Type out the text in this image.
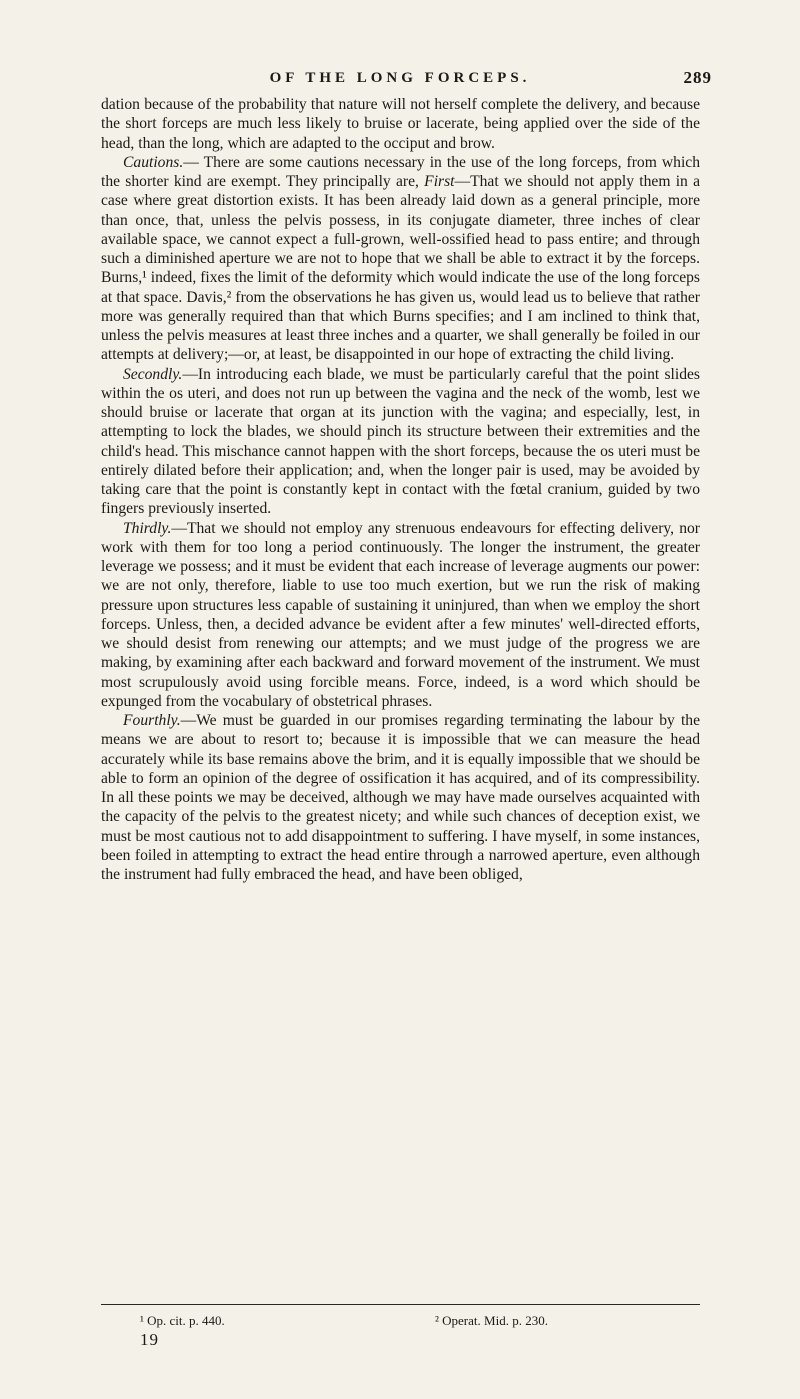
OF THE LONG FORCEPS.	289

dation because of the probability that nature will not herself complete the delivery, and because the short forceps are much less likely to bruise or lacerate, being applied over the side of the head, than the long, which are adapted to the occiput and brow.

Cautions.— There are some cautions necessary in the use of the long forceps, from which the shorter kind are exempt. They principally are, First—That we should not apply them in a case where great distortion exists. It has been already laid down as a general principle, more than once, that, unless the pelvis possess, in its conjugate diameter, three inches of clear available space, we cannot expect a full-grown, well-ossified head to pass entire; and through such a diminished aperture we are not to hope that we shall be able to extract it by the forceps. Burns,¹ indeed, fixes the limit of the deformity which would indicate the use of the long forceps at that space. Davis,² from the observations he has given us, would lead us to believe that rather more was generally required than that which Burns specifies; and I am inclined to think that, unless the pelvis measures at least three inches and a quarter, we shall generally be foiled in our attempts at delivery;—or, at least, be disappointed in our hope of extracting the child living.

Secondly.—In introducing each blade, we must be particularly careful that the point slides within the os uteri, and does not run up between the vagina and the neck of the womb, lest we should bruise or lacerate that organ at its junction with the vagina; and especially, lest, in attempting to lock the blades, we should pinch its structure between their extremities and the child's head. This mischance cannot happen with the short forceps, because the os uteri must be entirely dilated before their application; and, when the longer pair is used, may be avoided by taking care that the point is constantly kept in contact with the fœtal cranium, guided by two fingers previously inserted.

Thirdly.—That we should not employ any strenuous endeavours for effecting delivery, nor work with them for too long a period continuously. The longer the instrument, the greater leverage we possess; and it must be evident that each increase of leverage augments our power: we are not only, therefore, liable to use too much exertion, but we run the risk of making pressure upon structures less capable of sustaining it uninjured, than when we employ the short forceps. Unless, then, a decided advance be evident after a few minutes' well-directed efforts, we should desist from renewing our attempts; and we must judge of the progress we are making, by examining after each backward and forward movement of the instrument. We must most scrupulously avoid using forcible means. Force, indeed, is a word which should be expunged from the vocabulary of obstetrical phrases.

Fourthly.—We must be guarded in our promises regarding terminating the labour by the means we are about to resort to; because it is impossible that we can measure the head accurately while its base remains above the brim, and it is equally impossible that we should be able to form an opinion of the degree of ossification it has acquired, and of its compressibility. In all these points we may be deceived, although we may have made ourselves acquainted with the capacity of the pelvis to the greatest nicety; and while such chances of deception exist, we must be most cautious not to add disappointment to suffering. I have myself, in some instances, been foiled in attempting to extract the head entire through a narrowed aperture, even although the instrument had fully embraced the head, and have been obliged,

¹ Op. cit. p. 440.	² Operat. Mid. p. 230.
19
